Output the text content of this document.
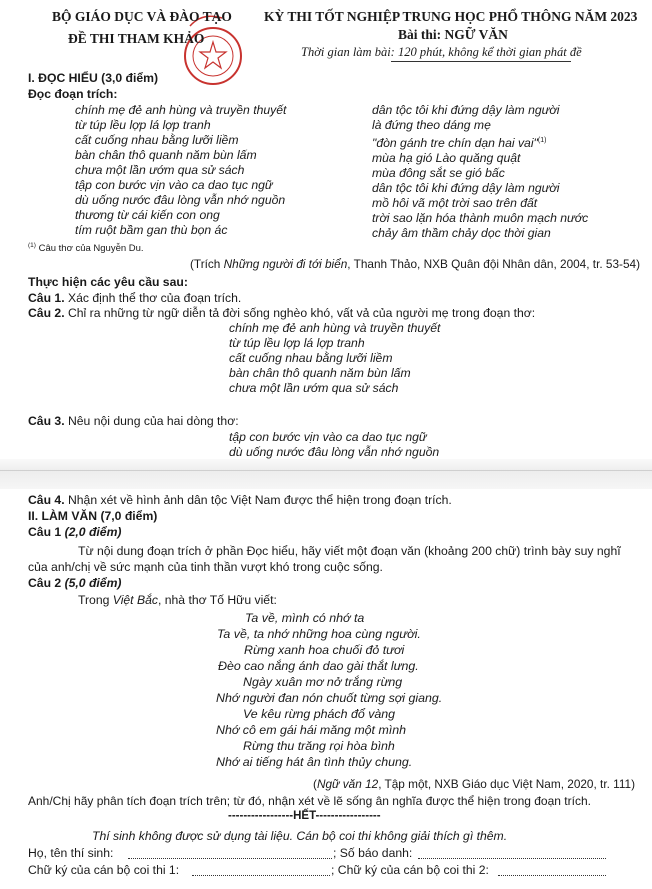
BỘ GIÁO DỤC VÀ ĐÀO TẠO
ĐỀ THI THAM KHẢO
KỲ THI TỐT NGHIỆP TRUNG HỌC PHỔ THÔNG NĂM 2023
Bài thi: NGỮ VĂN
Thời gian làm bài: 120 phút, không kể thời gian phát đề
I. ĐỌC HIỂU (3,0 điểm)
Đọc đoạn trích:
chính mẹ đẻ anh hùng và truyền thuyết
từ túp lều lợp lá lợp tranh
cất cuống nhau bằng lưỡi liềm
bàn chân thô quanh năm bùn lấm
chưa một lần ướm qua sử sách
tập con bước vịn vào ca dao tục ngữ
dù uống nước đâu lòng vẫn nhớ nguồn
thương từ cái kiến con ong
tím ruột bầm gan thù bọn ác
dân tộc tôi khi đứng dậy làm người
là đứng theo dáng mẹ
"đòn gánh tre chín dạn hai vai"$^{(1)}$
mùa hạ gió Lào quăng quật
mùa đông sắt se gió bấc
dân tộc tôi khi đứng dậy làm người
mồ hôi vã một trời sao trên đất
trời sao lặn hóa thành muôn mạch nước
chảy âm thầm chảy dọc thời gian
$^{(1)}$ Câu thơ của Nguyễn Du.
(Trích Những người đi tới biển, Thanh Thảo, NXB Quân đội Nhân dân, 2004, tr. 53-54)
Thực hiện các yêu cầu sau:
Câu 1. Xác định thể thơ của đoạn trích.
Câu 2. Chỉ ra những từ ngữ diễn tả đời sống nghèo khó, vất vả của người mẹ trong đoạn thơ:
chính mẹ đẻ anh hùng và truyền thuyết
từ túp lều lợp lá lợp tranh
cất cuống nhau bằng lưỡi liềm
bàn chân thô quanh năm bùn lấm
chưa một lần ướm qua sử sách
Câu 3. Nêu nội dung của hai dòng thơ:
tập con bước vịn vào ca dao tục ngữ
dù uống nước đâu lòng vẫn nhớ nguồn
Câu 4. Nhận xét về hình ảnh dân tộc Việt Nam được thể hiện trong đoạn trích.
II. LÀM VĂN (7,0 điểm)
Câu 1 (2,0 điểm)
Từ nội dung đoạn trích ở phần Đọc hiểu, hãy viết một đoạn văn (khoảng 200 chữ) trình bày suy nghĩ
của anh/chị về sức mạnh của tinh thần vượt khó trong cuộc sống.
Câu 2 (5,0 điểm)
Trong Việt Bắc, nhà thơ Tố Hữu viết:
Ta về, mình có nhớ ta
Ta về, ta nhớ những hoa cùng người.
Rừng xanh hoa chuối đỏ tươi
Đèo cao nắng ánh dao gài thắt lưng.
Ngày xuân mơ nở trắng rừng
Nhớ người đan nón chuốt từng sợi giang.
Ve kêu rừng phách đổ vàng
Nhớ cô em gái hái măng một mình
Rừng thu trăng rọi hòa bình
Nhớ ai tiếng hát ân tình thủy chung.
(Ngữ văn 12, Tập một, NXB Giáo dục Việt Nam, 2020, tr. 111)
Anh/Chị hãy phân tích đoạn trích trên; từ đó, nhận xét về lẽ sống ân nghĩa được thể hiện trong đoạn trích.
-----------------HẾT-----------------
Thí sinh không được sử dụng tài liệu. Cán bộ coi thi không giải thích gì thêm.
Họ, tên thí sinh:	; Số báo danh:
Chữ ký của cán bộ coi thi 1:	; Chữ ký của cán bộ coi thi 2:
